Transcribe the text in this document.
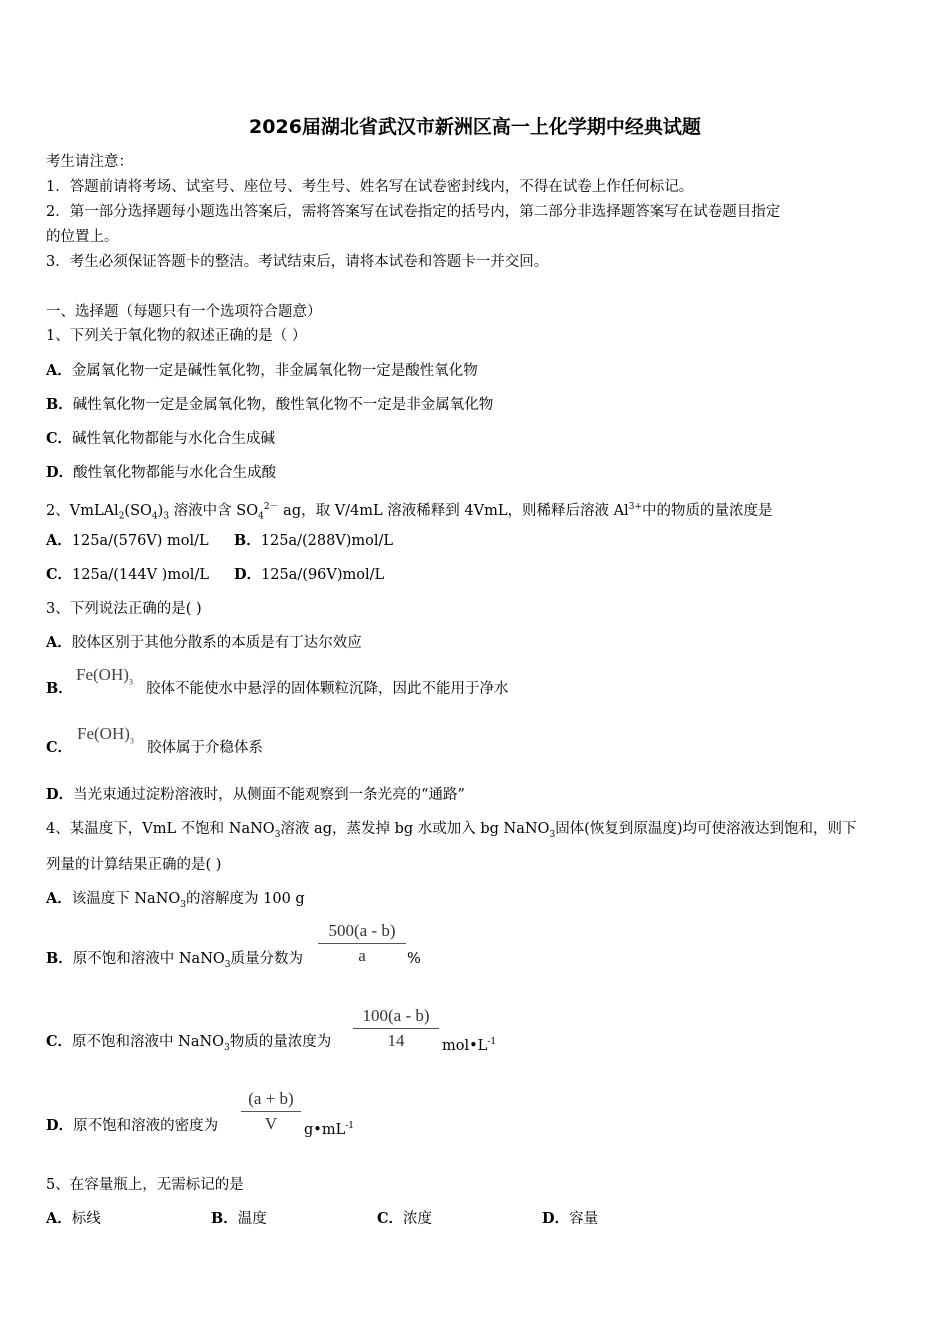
2026届湖北省武汉市新洲区高一上化学期中经典试题
考生请注意：
1．答题前请将考场、试室号、座位号、考生号、姓名写在试卷密封线内，不得在试卷上作任何标记。
2．第一部分选择题每小题选出答案后，需将答案写在试卷指定的括号内，第二部分非选择题答案写在试卷题目指定
的位置上。
3．考生必须保证答题卡的整洁。考试结束后，请将本试卷和答题卡一并交回。
一、选择题（每题只有一个选项符合题意）
1、下列关于氧化物的叙述正确的是（ ）
A．金属氧化物一定是碱性氧化物，非金属氧化物一定是酸性氧化物
B．碱性氧化物一定是金属氧化物，酸性氧化物不一定是非金属氧化物
C．碱性氧化物都能与水化合生成碱
D．酸性氧化物都能与水化合生成酸
2、$VmLAl_2(SO_4)_3$ 溶液中含 $SO_4^{2-}$ ag，取 V/4mL 溶液稀释到 4VmL，则稀释后溶液 $Al^{3+}$中的物质的量浓度是
A．125a/(576V) mol/L B．125a/(288V)mol/L
C．125a/(144V )mol/L D．125a/(96V)mol/L
3、下列说法正确的是( )
A．胶体区别于其他分散系的本质是有丁达尔效应
B．
$Fe(OH)_3$ 胶体不能使水中悬浮的固体颗粒沉降，因此不能用于净水
C．
$Fe(OH)_3$ 胶体属于介稳体系
D．当光束通过淀粉溶液时，从侧面不能观察到一条光亮的“通路”
4、某温度下，VmL 不饱和 NaNO$_3$溶液 ag，蒸发掉 bg 水或加入 bg NaNO$_3$固体(恢复到原温度)均可使溶液达到饱和，则下
列量的计算结果正确的是( )
A．该温度下 NaNO$_3$的溶解度为 100 g
B．原不饱和溶液中 NaNO$_3$质量分数为
500(a - b)
a	%
C．原不饱和溶液中 NaNO$_3$物质的量浓度为
100(a - b)
14	$mol•L^{-1}$
D．原不饱和溶液的密度为
(a + b)
V	$g•mL^{-1}$
5、在容量瓶上，无需标记的是
A．标线	B．温度	C．浓度	D．容量
